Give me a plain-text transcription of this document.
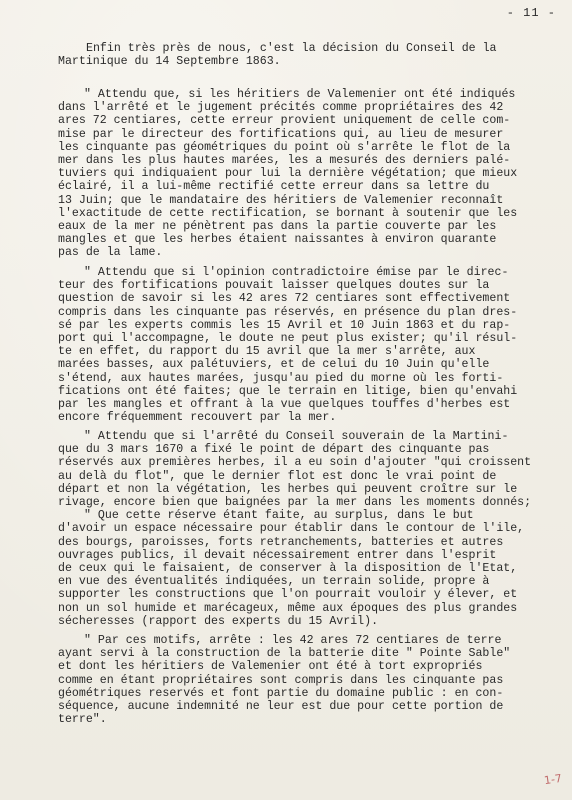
- 11 -
Enfin très près de nous, c'est la décision du Conseil de la
Martinique du 14 Septembre 1863.
" Attendu que, si les héritiers de Valemenier ont été indiqués
dans l'arrêté et le jugement précités comme propriétaires des 42
ares 72 centiares, cette erreur provient uniquement de celle com-
mise par le directeur des fortifications qui, au lieu de mesurer
les cinquante pas géométriques du point où s'arrête le flot de la
mer dans les plus hautes marées, les a mesurés des derniers palé-
tuviers qui indiquaient pour lui la dernière végétation; que mieux
éclairé, il a lui-même rectifié cette erreur dans sa lettre du
13 Juin; que le mandataire des héritiers de Valemenier reconnaît
l'exactitude de cette rectification, se bornant à soutenir que les
eaux de la mer ne pénètrent pas dans la partie couverte par les
mangles et que les herbes étaient naissantes à environ quarante
pas de la lame.
" Attendu que si l'opinion contradictoire émise par le direc-
teur des fortifications pouvait laisser quelques doutes sur la
question de savoir si les 42 ares 72 centiares sont effectivement
compris dans les cinquante pas réservés, en présence du plan dres-
sé par les experts commis les 15 Avril et 10 Juin 1863 et du rap-
port qui l'accompagne, le doute ne peut plus exister; qu'il résul-
te en effet, du rapport du 15 avril que la mer s'arrête, aux
marées basses, aux palétuviers, et de celui du 10 Juin qu'elle
s'étend, aux hautes marées, jusqu'au pied du morne où les forti-
fications ont été faites; que le terrain en litige, bien qu'envahi
par les mangles et offrant à la vue quelques touffes d'herbes est
encore fréquemment recouvert par la mer.
" Attendu que si l'arrêté du Conseil souverain de la Martini-
que du 3 mars 1670 a fixé le point de départ des cinquante pas
réservés aux premières herbes, il a eu soin d'ajouter "qui croissent
au delà du flot", que le dernier flot est donc le vrai point de
départ et non la végétation, les herbes qui peuvent croître sur le
rivage, encore bien que baignées par la mer dans les moments donnés;
" Que cette réserve étant faite, au surplus, dans le but
d'avoir un espace nécessaire pour établir dans le contour de l'ile,
des bourgs, paroisses, forts retranchements, batteries et autres
ouvrages publics, il devait nécessairement entrer dans l'esprit
de ceux qui le faisaient, de conserver à la disposition de l'Etat,
en vue des éventualités indiquées, un terrain solide, propre à
supporter les constructions que l'on pourrait vouloir y élever, et
non un sol humide et marécageux, même aux époques des plus grandes
sécheresses (rapport des experts du 15 Avril).
" Par ces motifs, arrête : les 42 ares 72 centiares de terre
ayant servi à la construction de la batterie dite " Pointe Sable"
et dont les héritiers de Valemenier ont été à tort expropriés
comme en étant propriétaires sont compris dans les cinquante pas
géométriques reservés et font partie du domaine public : en con-
séquence, aucune indemnité ne leur est due pour cette portion de
terre".
1-7
